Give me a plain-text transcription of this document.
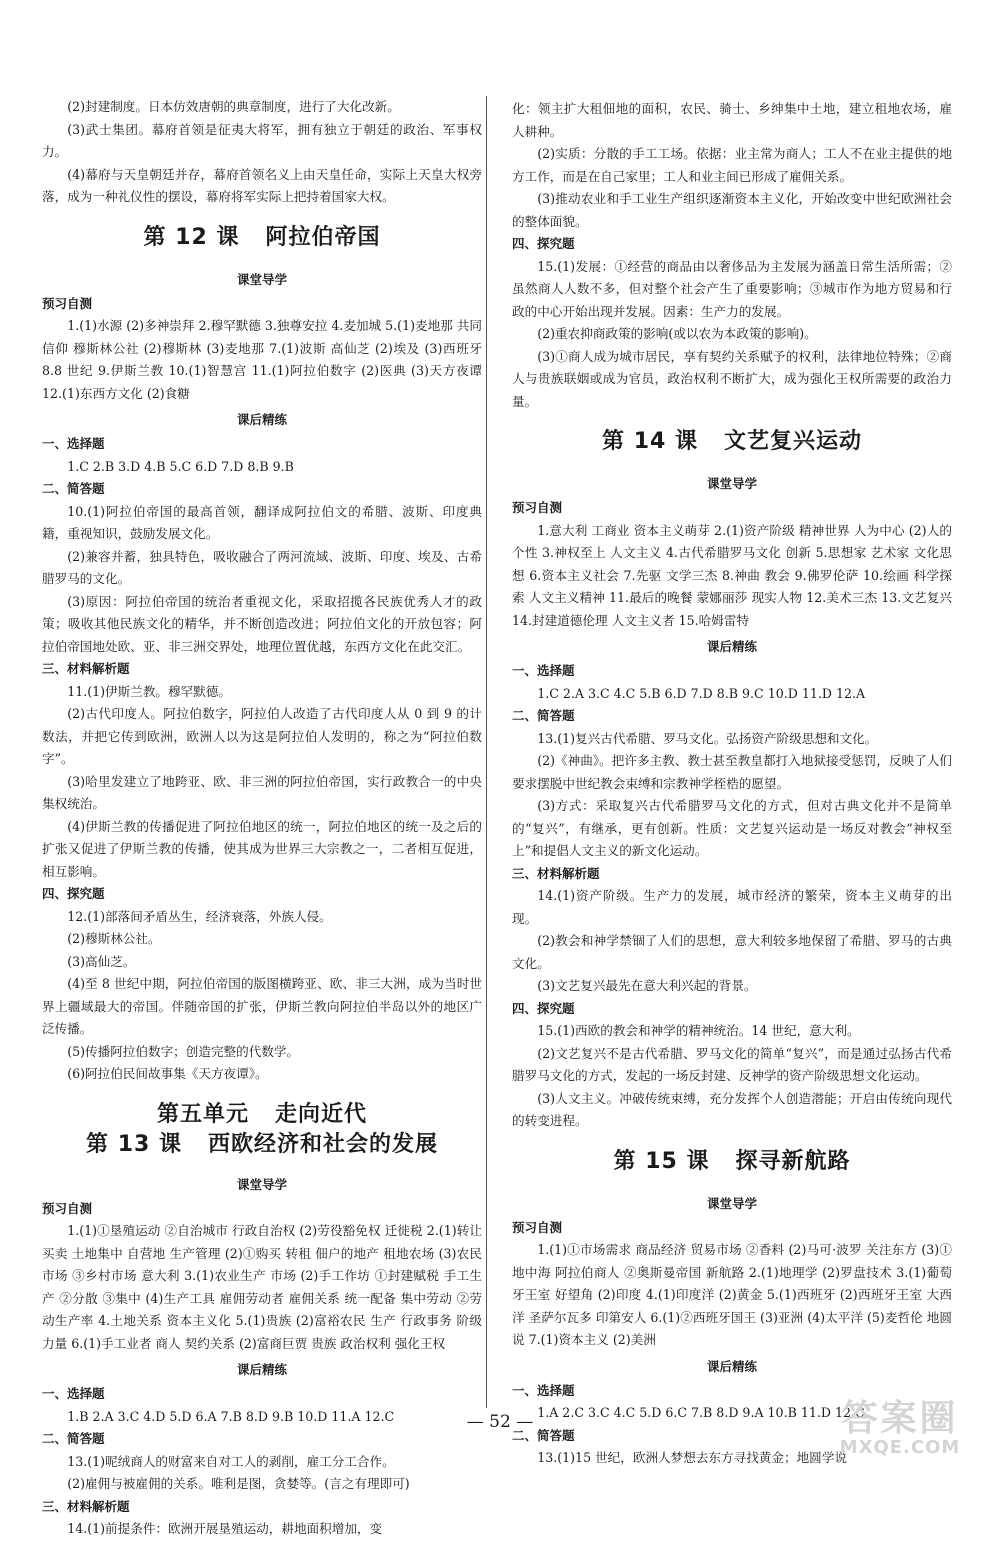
(2)封建制度。日本仿效唐朝的典章制度，进行了大化改新。

(3)武士集团。幕府首领是征夷大将军，拥有独立于朝廷的政治、军事权力。

(4)幕府与天皇朝廷并存，幕府首领名义上由天皇任命，实际上天皇大权旁落，成为一种礼仪性的摆设，幕府将军实际上把持着国家大权。

第 12 课   阿拉伯帝国
课堂导学
预习自测

1.(1)水源 (2)多神崇拜 2.穆罕默德 3.独尊安拉 4.麦加城 5.(1)麦地那 共同信仰 穆斯林公社 (2)穆斯林 (3)麦地那 7.(1)波斯 高仙芝 (2)埃及 (3)西班牙 8.8 世纪 9.伊斯兰教 10.(1)智慧宫 11.(1)阿拉伯数字 (2)医典 (3)天方夜谭 12.(1)东西方文化 (2)食糖

课后精练
一、选择题

1.C 2.B 3.D 4.B 5.C 6.D 7.D 8.B 9.B

二、简答题

10.(1)阿拉伯帝国的最高首领，翻译成阿拉伯文的希腊、波斯、印度典籍，重视知识，鼓励发展文化。

(2)兼容并蓄，独具特色，吸收融合了两河流域、波斯、印度、埃及、古希腊罗马的文化。

(3)原因：阿拉伯帝国的统治者重视文化，采取招揽各民族优秀人才的政策；吸收其他民族文化的精华，并不断创造改进；阿拉伯文化的开放包容；阿拉伯帝国地处欧、亚、非三洲交界处，地理位置优越，东西方文化在此交汇。

三、材料解析题

11.(1)伊斯兰教。穆罕默德。

(2)古代印度人。阿拉伯数字，阿拉伯人改造了古代印度人从 0 到 9 的计数法，并把它传到欧洲，欧洲人以为这是阿拉伯人发明的，称之为“阿拉伯数字”。

(3)哈里发建立了地跨亚、欧、非三洲的阿拉伯帝国，实行政教合一的中央集权统治。

(4)伊斯兰教的传播促进了阿拉伯地区的统一，阿拉伯地区的统一及之后的扩张又促进了伊斯兰教的传播，使其成为世界三大宗教之一，二者相互促进，相互影响。

四、探究题

12.(1)部落间矛盾丛生，经济衰落，外族人侵。

(2)穆斯林公社。

(3)高仙芝。

(4)至 8 世纪中期，阿拉伯帝国的版图横跨亚、欧、非三大洲，成为当时世界上疆域最大的帝国。伴随帝国的扩张，伊斯兰教向阿拉伯半岛以外的地区广泛传播。

(5)传播阿拉伯数字；创造完整的代数学。

(6)阿拉伯民间故事集《天方夜谭》。

第五单元   走向近代
第 13 课   西欧经济和社会的发展
课堂导学
预习自测

1.(1)①垦殖运动 ②自治城市 行政自治权 (2)劳役豁免权 迁徙税 2.(1)转让 买卖 土地集中 自营地 生产管理 (2)①购买 转租 佃户的地产 租地农场 (3)农民 市场 ③乡村市场 意大利 3.(1)农业生产 市场 (2)手工作坊 ①封建赋税 手工生产 ②分散 ③集中 (4)生产工具 雇佣劳动者 雇佣关系 统一配备 集中劳动 ②劳动生产率 4.土地关系 资本主义化 5.(1)贵族 (2)富裕农民 生产 行政事务 阶级力量 6.(1)手工业者 商人 契约关系 (2)富商巨贾 贵族 政治权利 强化王权

课后精练
一、选择题

1.B 2.A 3.C 4.D 5.D 6.A 7.B 8.D 9.B 10.D 11.A 12.C

二、简答题

13.(1)呢绒商人的财富来自对工人的剥削，雇工分工合作。

(2)雇佣与被雇佣的关系。唯利是图，贪婪等。(言之有理即可)

三、材料解析题

14.(1)前提条件：欧洲开展垦殖运动，耕地面积增加，变

化：领主扩大租佃地的面积，农民、骑士、乡绅集中土地，建立租地农场，雇人耕种。

(2)实质：分散的手工工场。依据：业主常为商人；工人不在业主提供的地方工作，而是在自己家里；工人和业主间已形成了雇佣关系。

(3)推动农业和手工业生产组织逐渐资本主义化，开始改变中世纪欧洲社会的整体面貌。

四、探究题

15.(1)发展：①经营的商品由以奢侈品为主发展为涵盖日常生活所需；②虽然商人人数不多，但对整个社会产生了重要影响；③城市作为地方贸易和行政的中心开始出现并发展。因素：生产力的发展。

(2)重农抑商政策的影响(或以农为本政策的影响)。

(3)①商人成为城市居民，享有契约关系赋予的权利，法律地位特殊；②商人与贵族联姻或成为官员，政治权利不断扩大，成为强化王权所需要的政治力量。

第 14 课   文艺复兴运动
课堂导学
预习自测

1.意大利 工商业 资本主义萌芽 2.(1)资产阶级 精神世界 人为中心 (2)人的个性 3.神权至上 人文主义 4.古代希腊罗马文化 创新 5.思想家 艺术家 文化思想 6.资本主义社会 7.先驱 文学三杰 8.神曲 教会 9.佛罗伦萨 10.绘画 科学探索 人文主义精神 11.最后的晚餐 蒙娜丽莎 现实人物 12.美术三杰 13.文艺复兴 14.封建道德伦理 人文主义者 15.哈姆雷特

课后精练
一、选择题

1.C 2.A 3.C 4.C 5.B 6.D 7.D 8.B 9.C 10.D 11.D 12.A

二、简答题

13.(1)复兴古代希腊、罗马文化。弘扬资产阶级思想和文化。

(2)《神曲》。把许多主教、教士甚至教皇都打入地狱接受惩罚，反映了人们要求摆脱中世纪教会束缚和宗教神学桎梏的愿望。

(3)方式：采取复兴古代希腊罗马文化的方式，但对古典文化并不是简单的“复兴”，有继承，更有创新。性质：文艺复兴运动是一场反对教会“神权至上”和提倡人文主义的新文化运动。

三、材料解析题

14.(1)资产阶级。生产力的发展，城市经济的繁荣，资本主义萌芽的出现。

(2)教会和神学禁锢了人们的思想，意大利较多地保留了希腊、罗马的古典文化。

(3)文艺复兴最先在意大利兴起的背景。

四、探究题

15.(1)西欧的教会和神学的精神统治。14 世纪，意大利。

(2)文艺复兴不是古代希腊、罗马文化的简单“复兴”，而是通过弘扬古代希腊罗马文化的方式，发起的一场反封建、反神学的资产阶级思想文化运动。

(3)人文主义。冲破传统束缚，充分发挥个人创造潜能；开启由传统向现代的转变进程。

第 15 课   探寻新航路
课堂导学
预习自测

1.(1)①市场需求 商品经济 贸易市场 ②香料 (2)马可·波罗 关注东方 (3)①地中海 阿拉伯商人 ②奥斯曼帝国 新航路 2.(1)地理学 (2)罗盘技术 3.(1)葡萄牙王室 好望角 (2)印度 4.(1)印度洋 (2)黄金 5.(1)西班牙 (2)西班牙王室 大西洋 圣萨尔瓦多 印第安人 6.(1)②西班牙国王 (3)亚洲 (4)太平洋 (5)麦哲伦 地圆说 7.(1)资本主义 (2)美洲

课后精练
一、选择题

1.A 2.C 3.C 4.C 5.D 6.C 7.B 8.D 9.A 10.B 11.D 12.C

二、简答题

13.(1)15 世纪，欧洲人梦想去东方寻找黄金；地圆学说

— 52 —	答案圈
MXQE.COM
